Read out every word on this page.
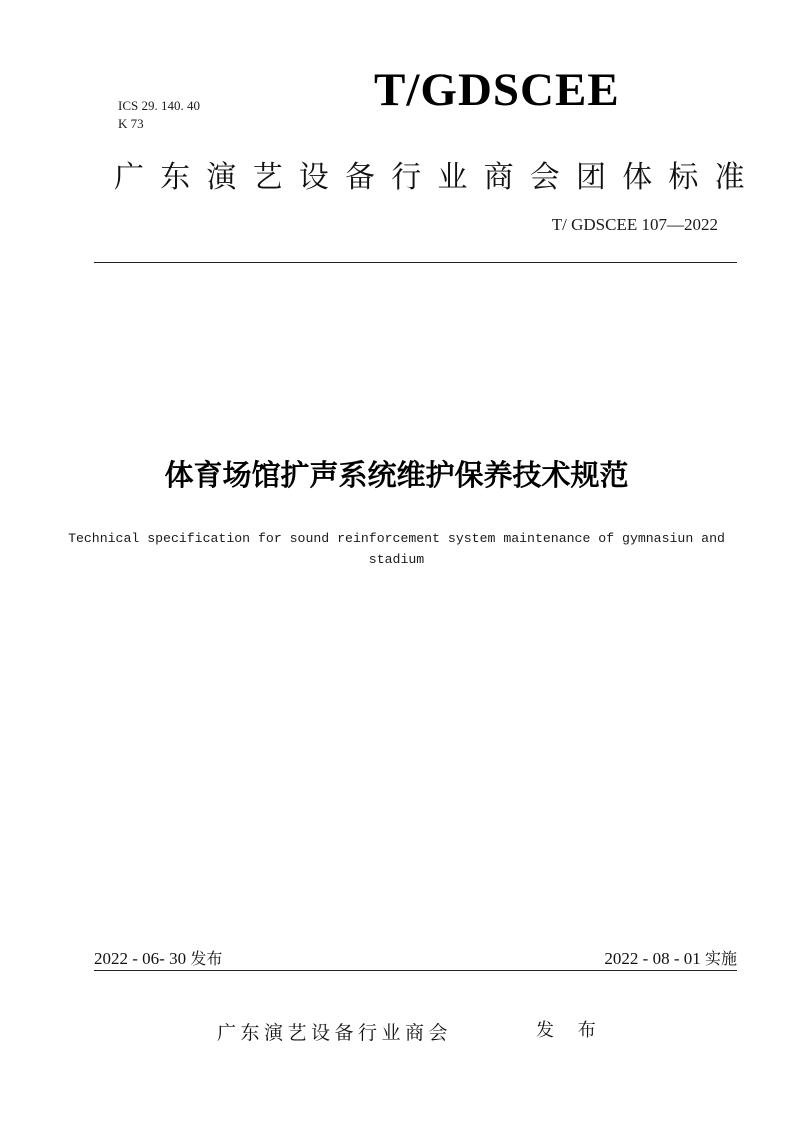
ICS 29. 140. 40
K 73
T/GDSCEE
广东演艺设备行业商会团体标准
T/ GDSCEE 107—2022
体育场馆扩声系统维护保养技术规范
Technical specification for sound reinforcement system maintenance of gymnasiun and
stadium
2022 - 06- 30 发布	2022 - 08 - 01 实施
广东演艺设备行业商会	发 布
